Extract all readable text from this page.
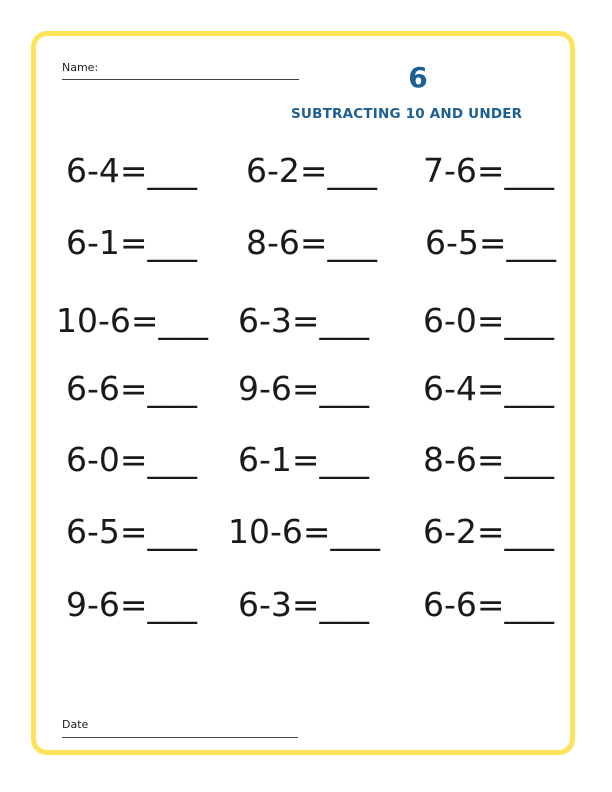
Name:	6
SUBTRACTING 10 AND UNDER
6-4=___ 6-2=___ 7-6=___
6-1=___ 8-6=___ 6-5=___
10-6=___ 6-3=___ 6-0=___
6-6=___ 9-6=___ 6-4=___
6-0=___ 6-1=___ 8-6=___
6-5=___ 10-6=___ 6-2=___
9-6=___ 6-3=___ 6-6=___
Date
